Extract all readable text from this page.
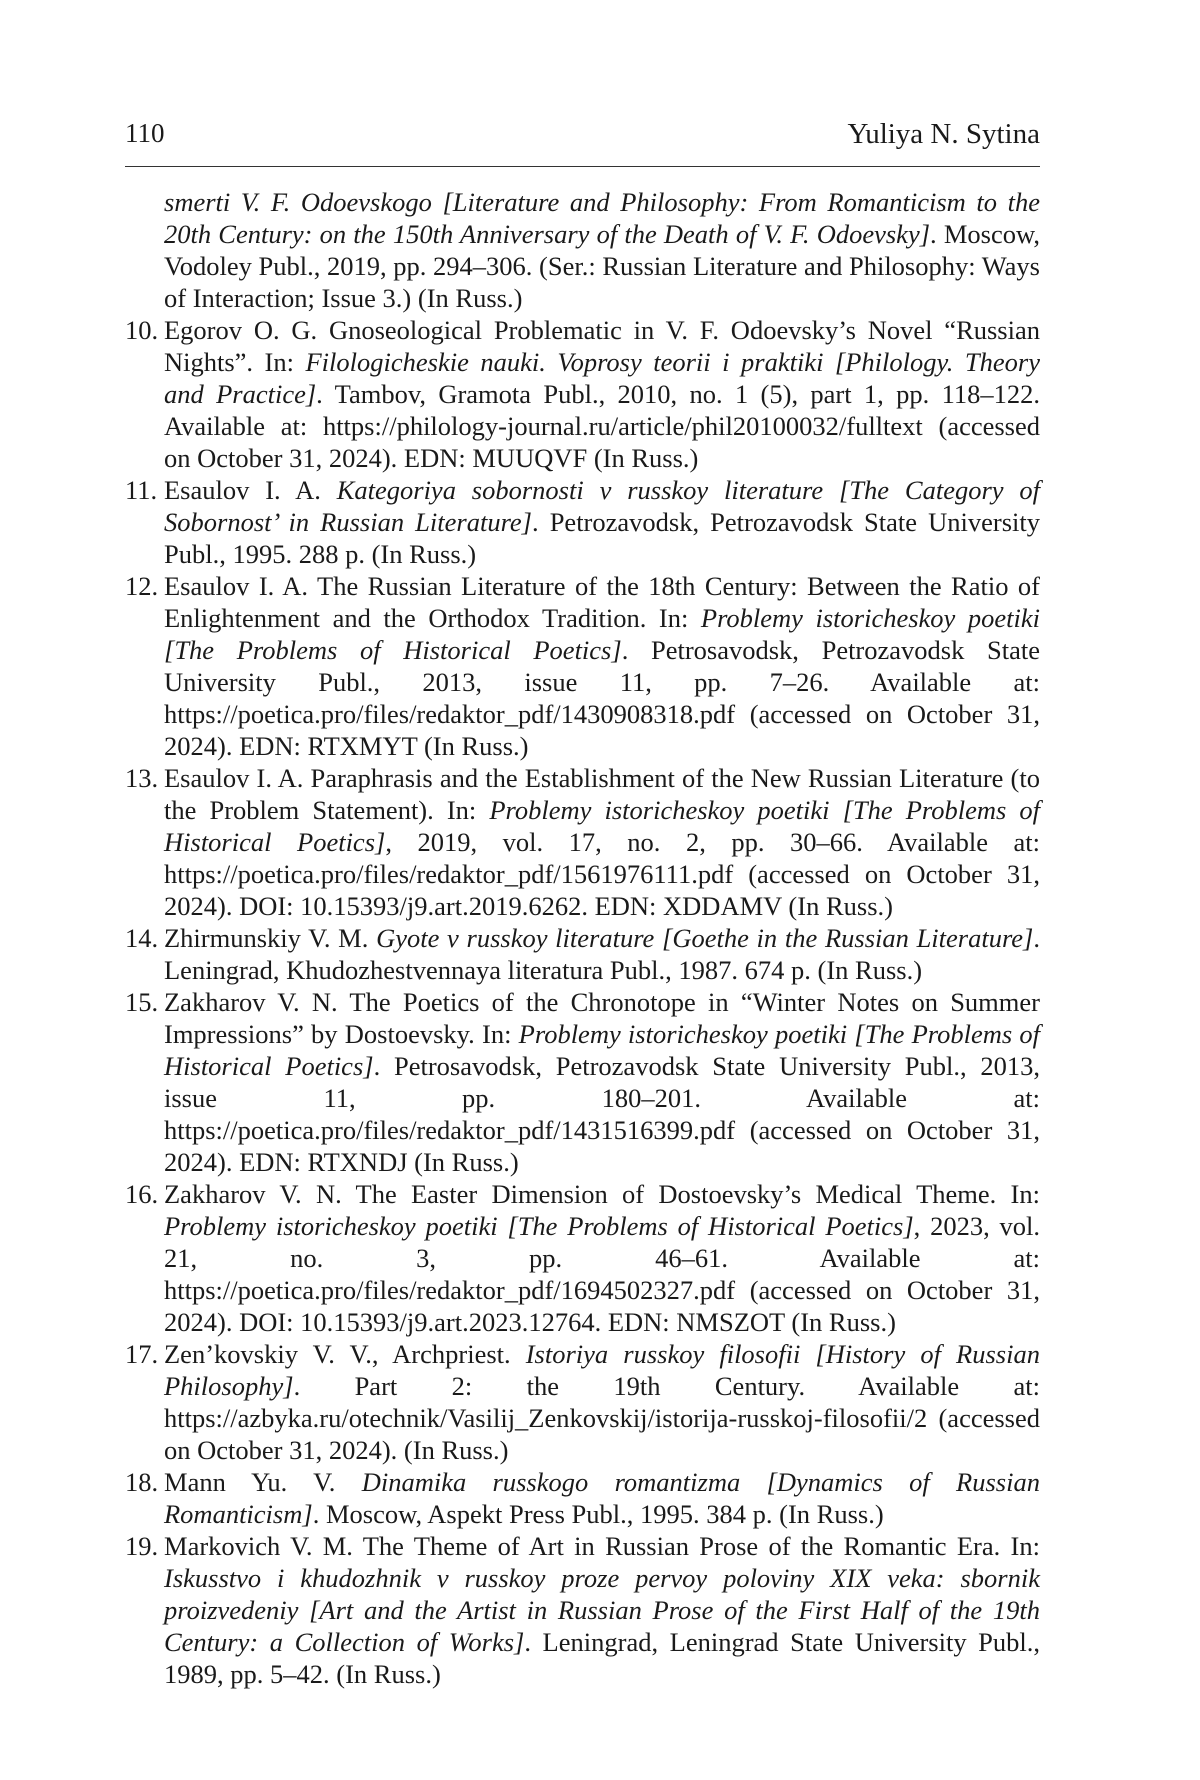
110	Yuliya N. Sytina
smerti V. F. Odoevskogo [Literature and Philosophy: From Romanticism to the 20th Century: on the 150th Anniversary of the Death of V. F. Odoevsky]. Moscow, Vodoley Publ., 2019, pp. 294–306. (Ser.: Russian Literature and Philosophy: Ways of Interaction; Issue 3.) (In Russ.)
10. Egorov O. G. Gnoseological Problematic in V. F. Odoevsky’s Novel “Russian Nights”. In: Filologicheskie nauki. Voprosy teorii i praktiki [Philology. Theory and Practice]. Tambov, Gramota Publ., 2010, no. 1 (5), part 1, pp. 118–122. Available at: https://philology-journal.ru/article/phil20100032/fulltext (accessed on October 31, 2024). EDN: MUUQVF (In Russ.)
11. Esaulov I. A. Kategoriya sobornosti v russkoy literature [The Category of Sobornost’ in Russian Literature]. Petrozavodsk, Petrozavodsk State University Publ., 1995. 288 p. (In Russ.)
12. Esaulov I. A. The Russian Literature of the 18th Century: Between the Ratio of Enlightenment and the Orthodox Tradition. In: Problemy istoricheskoy poetiki [The Problems of Historical Poetics]. Petrosavodsk, Petrozavodsk State University Publ., 2013, issue 11, pp. 7–26. Available at: https://poetica.pro/files/redaktor_pdf/1430908318.pdf (accessed on October 31, 2024). EDN: RTXMYT (In Russ.)
13. Esaulov I. A. Paraphrasis and the Establishment of the New Russian Literature (to the Problem Statement). In: Problemy istoricheskoy poetiki [The Problems of Historical Poetics], 2019, vol. 17, no. 2, pp. 30–66. Available at: https://poetica.pro/files/redaktor_pdf/1561976111.pdf (accessed on October 31, 2024). DOI: 10.15393/j9.art.2019.6262. EDN: XDDAMV (In Russ.)
14. Zhirmunskiy V. M. Gyote v russkoy literature [Goethe in the Russian Literature]. Leningrad, Khudozhestvennaya literatura Publ., 1987. 674 p. (In Russ.)
15. Zakharov V. N. The Poetics of the Chronotope in “Winter Notes on Summer Impressions” by Dostoevsky. In: Problemy istoricheskoy poetiki [The Problems of Historical Poetics]. Petrosavodsk, Petrozavodsk State University Publ., 2013, issue 11, pp. 180–201. Available at: https://poetica.pro/files/redaktor_pdf/1431516399.pdf (accessed on October 31, 2024). EDN: RTXNDJ (In Russ.)
16. Zakharov V. N. The Easter Dimension of Dostoevsky’s Medical Theme. In: Problemy istoricheskoy poetiki [The Problems of Historical Poetics], 2023, vol. 21, no. 3, pp. 46–61. Available at: https://poetica.pro/files/redaktor_pdf/1694502327.pdf (accessed on October 31, 2024). DOI: 10.15393/j9.art.2023.12764. EDN: NMSZOT (In Russ.)
17. Zen’kovskiy V. V., Archpriest. Istoriya russkoy filosofii [History of Russian Philosophy]. Part 2: the 19th Century. Available at: https://azbyka.ru/otechnik/Vasilij_Zenkovskij/istorija-russkoj-filosofii/2 (accessed on October 31, 2024). (In Russ.)
18. Mann Yu. V. Dinamika russkogo romantizma [Dynamics of Russian Romanticism]. Moscow, Aspekt Press Publ., 1995. 384 p. (In Russ.)
19. Markovich V. M. The Theme of Art in Russian Prose of the Romantic Era. In: Iskusstvo i khudozhnik v russkoy proze pervoy poloviny XIX veka: sbornik proizvedeniy [Art and the Artist in Russian Prose of the First Half of the 19th Century: a Collection of Works]. Leningrad, Leningrad State University Publ., 1989, pp. 5–42. (In Russ.)
